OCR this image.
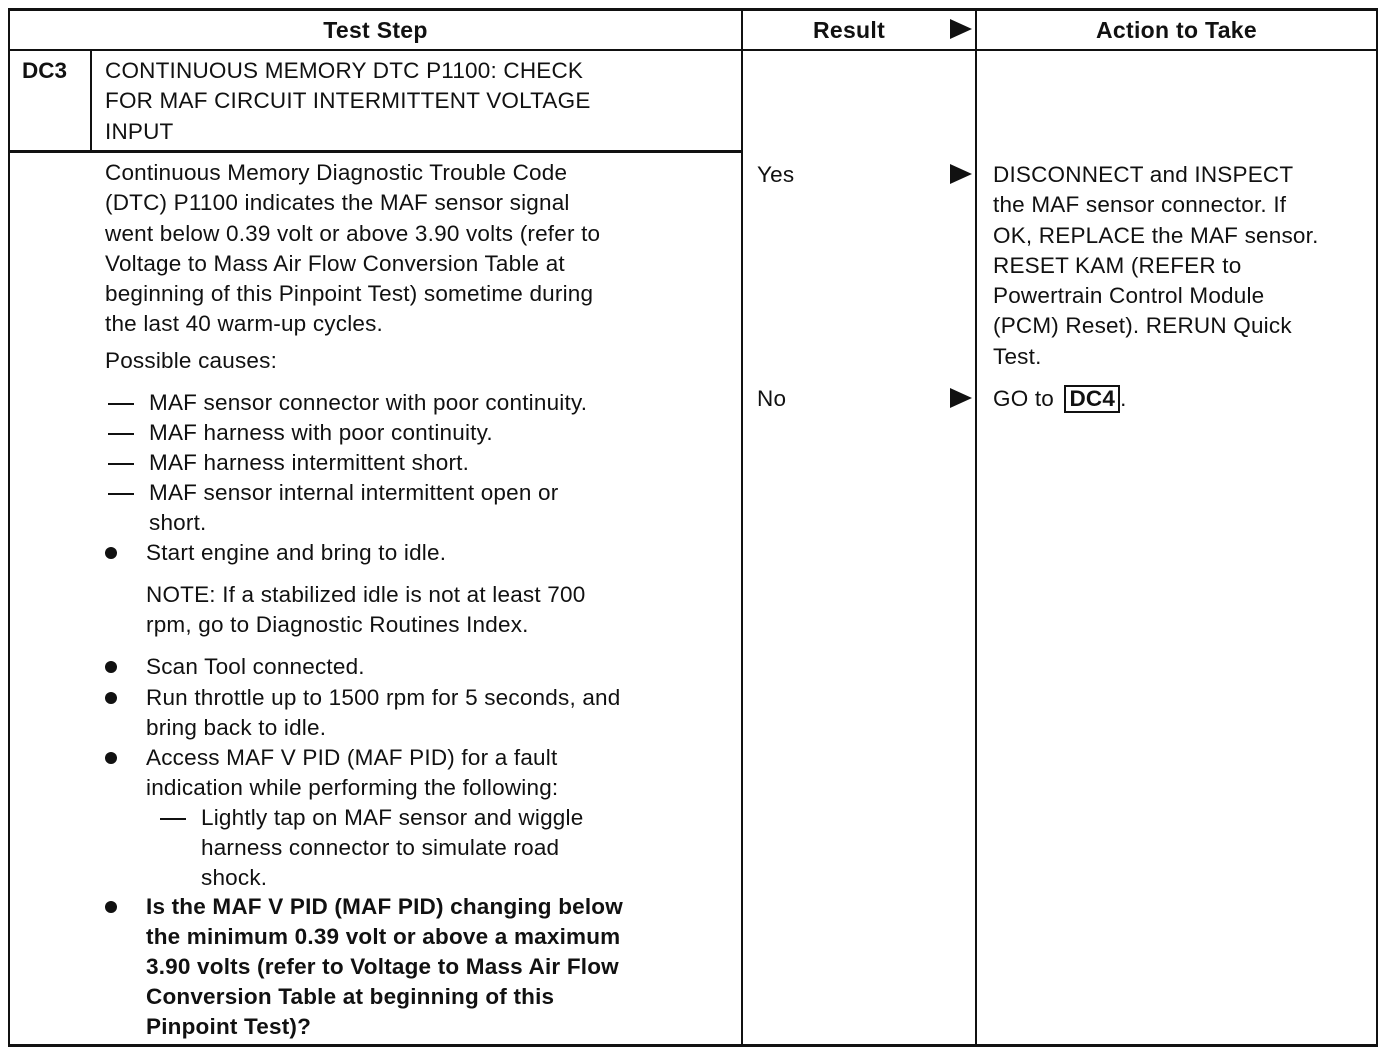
Test Step	Result	Action to Take
DC3 CONTINUOUS MEMORY DTC P1100: CHECK
FOR MAF CIRCUIT INTERMITTENT VOLTAGE
INPUT
Continuous Memory Diagnostic Trouble Code
(DTC) P1100 indicates the MAF sensor signal
went below 0.39 volt or above 3.90 volts (refer to
Voltage to Mass Air Flow Conversion Table at
beginning of this Pinpoint Test) sometime during
the last 40 warm-up cycles.
Possible causes:
MAF sensor connector with poor continuity.
MAF harness with poor continuity.
MAF harness intermittent short.
MAF sensor internal intermittent open or
short.
Start engine and bring to idle.
NOTE: If a stabilized idle is not at least 700
rpm, go to Diagnostic Routines Index.
Scan Tool connected.
Run throttle up to 1500 rpm for 5 seconds, and
bring back to idle.
Access MAF V PID (MAF PID) for a fault
indication while performing the following:
Lightly tap on MAF sensor and wiggle
harness connector to simulate road
shock.
Is the MAF V PID (MAF PID) changing below
the minimum 0.39 volt or above a maximum
3.90 volts (refer to Voltage to Mass Air Flow
Conversion Table at beginning of this
Pinpoint Test)?
Yes	DISCONNECT and INSPECT
the MAF sensor connector. If
OK, REPLACE the MAF sensor.
RESET KAM (REFER to
Powertrain Control Module
(PCM) Reset). RERUN Quick
Test.
No	GO to DC4 .
